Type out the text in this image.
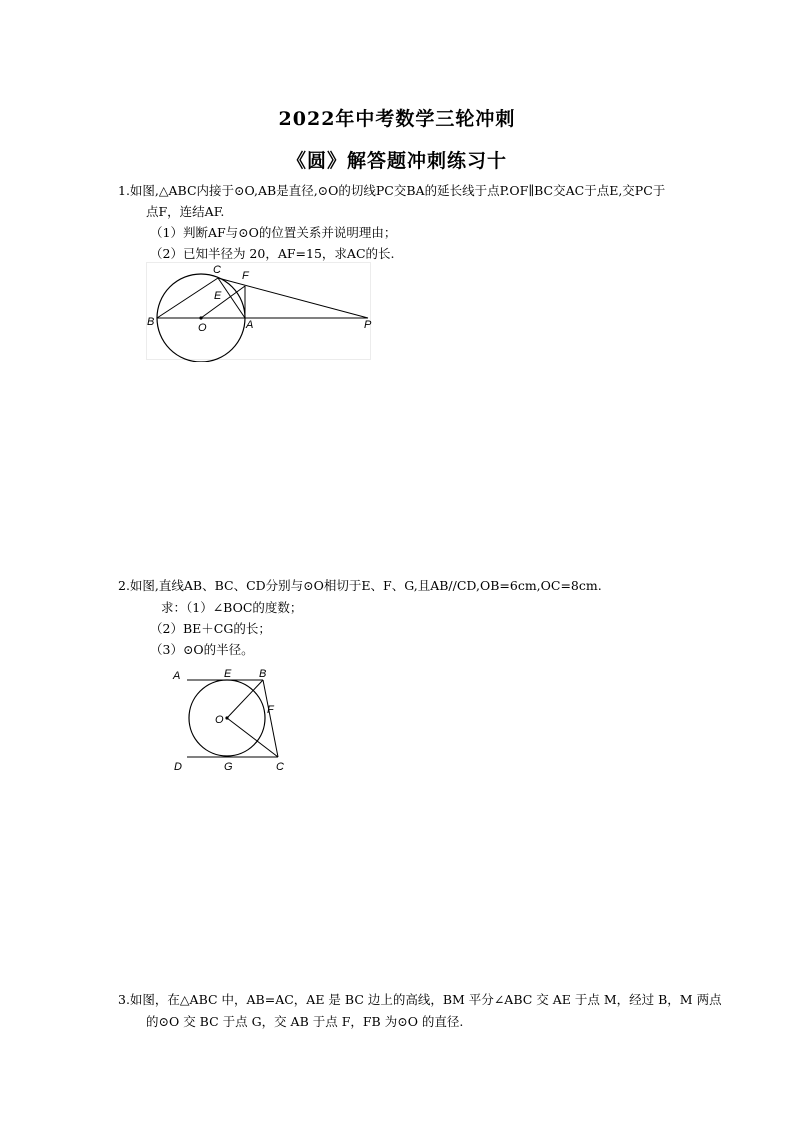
2022年中考数学三轮冲刺
《圆》解答题冲刺练习十
1.如图,△ABC内接于⊙O,AB是直径,⊙O的切线PC交BA的延长线于点P.OF∥BC交AC于点E,交PC于
点F，连结AF.
（1）判断AF与⊙O的位置关系并说明理由；
（2）已知半径为 20，AF=15，求AC的长.
B	O	A	P
C
E
F
2.如图,直线AB、BC、CD分别与⊙O相切于E、F、G,且AB//CD,OB=6cm,OC=8cm.
求：（1）∠BOC的度数；
（2）BE＋CG的长；
（3）⊙O的半径。
A	E	B
O
F
D	G	C
3.如图，在△ABC 中，AB=AC，AE 是 BC 边上的高线，BM 平分∠ABC 交 AE 于点 M，经过 B，M 两点
的⊙O 交 BC 于点 G，交 AB 于点 F，FB 为⊙O 的直径.
